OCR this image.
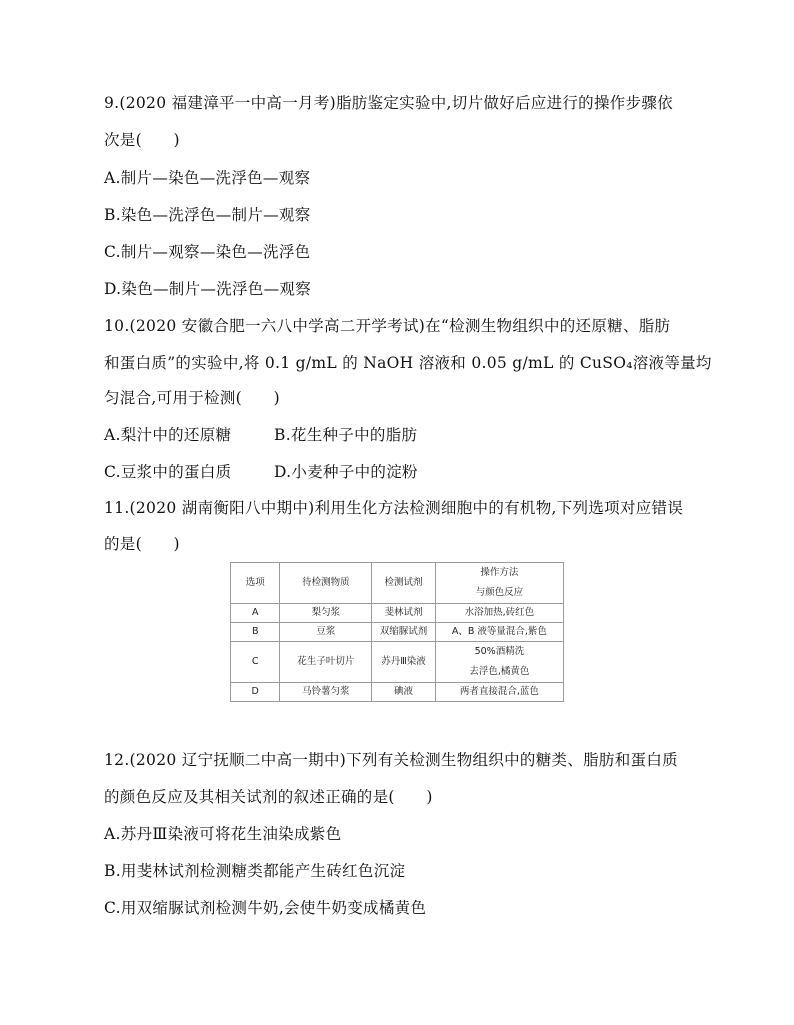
9.(2020 福建漳平一中高一月考)脂肪鉴定实验中,切片做好后应进行的操作步骤依
次是(　　)
A.制片—染色—洗浮色—观察
B.染色—洗浮色—制片—观察
C.制片—观察—染色—洗浮色
D.染色—制片—洗浮色—观察
10.(2020 安徽合肥一六八中学高二开学考试)在“检测生物组织中的还原糖、脂肪
和蛋白质”的实验中,将 0.1 g/mL 的 NaOH 溶液和 0.05 g/mL 的 CuSO₄溶液等量均
匀混合,可用于检测(　　)
A.梨汁中的还原糖	B.花生种子中的脂肪
C.豆浆中的蛋白质	D.小麦种子中的淀粉
11.(2020 湖南衡阳八中期中)利用生化方法检测细胞中的有机物,下列选项对应错误
的是(　　)
选项	待检测物质	检测试剂	操作方法
与颜色反应

A	梨匀浆	斐林试剂	水浴加热,砖红色
B	豆浆	双缩脲试剂	A、B 液等量混合,紫色
C	花生子叶切片	苏丹Ⅲ染液	50%酒精洗
去浮色,橘黄色

D	马铃薯匀浆	碘液	两者直接混合,蓝色
12.(2020 辽宁抚顺二中高一期中)下列有关检测生物组织中的糖类、脂肪和蛋白质
的颜色反应及其相关试剂的叙述正确的是(　　)
A.苏丹Ⅲ染液可将花生油染成紫色
B.用斐林试剂检测糖类都能产生砖红色沉淀
C.用双缩脲试剂检测牛奶,会使牛奶变成橘黄色
